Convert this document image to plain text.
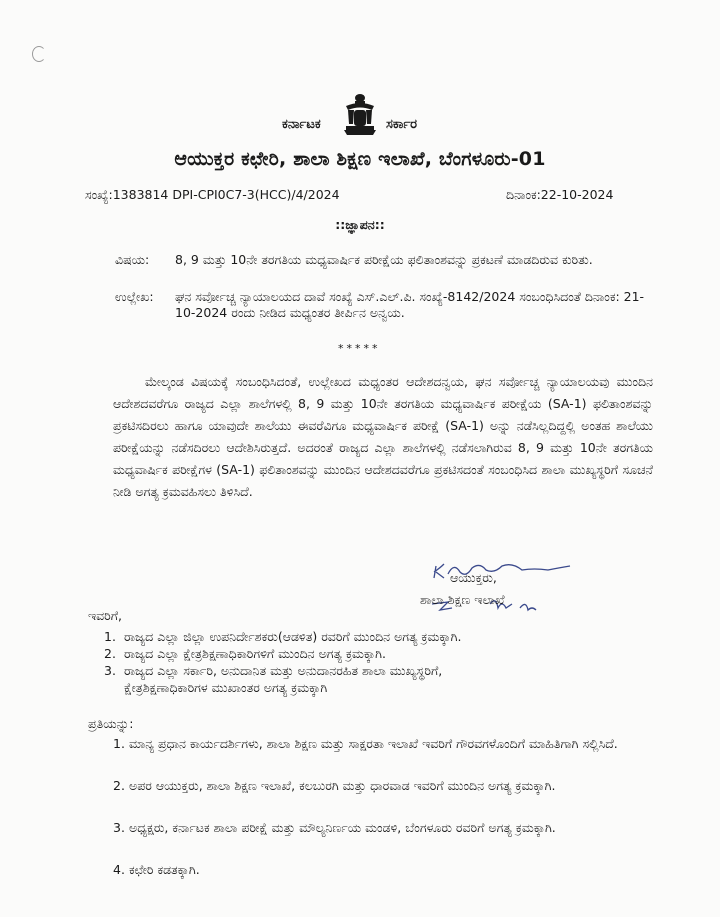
ಕರ್ನಾಟಕ	ಸರ್ಕಾರ
ಆಯುಕ್ತರ ಕಛೇರಿ, ಶಾಲಾ ಶಿಕ್ಷಣ ಇಲಾಖೆ, ಬೆಂಗಳೂರು-01
ಸಂಖ್ಯೆ:1383814 DPI-CPI0C7-3(HCC)/4/2024	ದಿನಾಂಕ:22-10-2024
::ಜ್ಞಾಪನ::
ವಿಷಯ: 8, 9 ಮತ್ತು 10ನೇ ತರಗತಿಯ ಮಧ್ಯವಾರ್ಷಿಕ ಪರೀಕ್ಷೆಯ ಫಲಿತಾಂಶವನ್ನು ಪ್ರಕಟಣೆ ಮಾಡದಿರುವ ಕುರಿತು.
ಉಲ್ಲೇಖ: ಘನ ಸರ್ವೋಚ್ಚ ನ್ಯಾಯಾಲಯದ ದಾವೆ ಸಂಖ್ಯೆ ಎಸ್.ಎಲ್.ಪಿ. ಸಂಖ್ಯೆ-8142/2024 ಸಂಬಂಧಿಸಿದಂತೆ ದಿನಾಂಕ: 21-10-2024 ರಂದು ನೀಡಿದ ಮಧ್ಯಂತರ ತೀರ್ಪಿನ ಅನ್ವಯ.
*****
ಮೇಲ್ಕಂಡ ವಿಷಯಕ್ಕೆ ಸಂಬಂಧಿಸಿದಂತೆ, ಉಲ್ಲೇಖದ ಮಧ್ಯಂತರ ಆದೇಶದನ್ವಯ, ಘನ ಸರ್ವೋಚ್ಚ ನ್ಯಾಯಾಲಯವು ಮುಂದಿನ ಆದೇಶದವರೆಗೂ ರಾಜ್ಯದ ಎಲ್ಲಾ ಶಾಲೆಗಳಲ್ಲಿ 8, 9 ಮತ್ತು 10ನೇ ತರಗತಿಯ ಮಧ್ಯವಾರ್ಷಿಕ ಪರೀಕ್ಷೆಯ (SA-1) ಫಲಿತಾಂಶವನ್ನು ಪ್ರಕಟಿಸದಿರಲು ಹಾಗೂ ಯಾವುದೇ ಶಾಲೆಯು ಈವರೆವಿಗೂ ಮಧ್ಯವಾರ್ಷಿಕ ಪರೀಕ್ಷೆ (SA-1) ಅನ್ನು ನಡೆಸಿಲ್ಲದಿದ್ದಲ್ಲಿ ಅಂತಹ ಶಾಲೆಯು ಪರೀಕ್ಷೆಯನ್ನು ನಡೆಸದಿರಲು ಆದೇಶಿಸಿರುತ್ತದೆ. ಅದರಂತೆ ರಾಜ್ಯದ ಎಲ್ಲಾ ಶಾಲೆಗಳಲ್ಲಿ ನಡೆಸಲಾಗಿರುವ 8, 9 ಮತ್ತು 10ನೇ ತರಗತಿಯ ಮಧ್ಯವಾರ್ಷಿಕ ಪರೀಕ್ಷೆಗಳ (SA-1) ಫಲಿತಾಂಶವನ್ನು ಮುಂದಿನ ಆದೇಶದವರೆಗೂ ಪ್ರಕಟಿಸದಂತೆ ಸಂಬಂಧಿಸಿದ ಶಾಲಾ ಮುಖ್ಯಸ್ಥರಿಗೆ ಸೂಚನೆ ನೀಡಿ ಅಗತ್ಯ ಕ್ರಮವಹಿಸಲು ತಿಳಿಸಿದೆ.
ಆಯುಕ್ತರು,
ಶಾಲಾ ಶಿಕ್ಷಣ ಇಲಾಖೆ
ಇವರಿಗೆ,
1. ರಾಜ್ಯದ ಎಲ್ಲಾ ಜಿಲ್ಲಾ ಉಪನಿರ್ದೇಶಕರು(ಆಡಳಿತ) ರವರಿಗೆ ಮುಂದಿನ ಅಗತ್ಯ ಕ್ರಮಕ್ಕಾಗಿ.
2. ರಾಜ್ಯದ ಎಲ್ಲಾ ಕ್ಷೇತ್ರಶಿಕ್ಷಣಾಧಿಕಾರಿಗಳಿಗೆ ಮುಂದಿನ ಅಗತ್ಯ ಕ್ರಮಕ್ಕಾಗಿ.
3. ರಾಜ್ಯದ ಎಲ್ಲಾ ಸರ್ಕಾರಿ, ಅನುದಾನಿತ ಮತ್ತು ಅನುದಾನರಹಿತ ಶಾಲಾ ಮುಖ್ಯಸ್ಥರಿಗೆ,
ಕ್ಷೇತ್ರಶಿಕ್ಷಣಾಧಿಕಾರಿಗಳ ಮುಖಾಂತರ ಅಗತ್ಯ ಕ್ರಮಕ್ಕಾಗಿ
ಪ್ರತಿಯನ್ನು:
1. ಮಾನ್ಯ ಪ್ರಧಾನ ಕಾರ್ಯದರ್ಶಿಗಳು, ಶಾಲಾ ಶಿಕ್ಷಣ ಮತ್ತು ಸಾಕ್ಷರತಾ ಇಲಾಖೆ ಇವರಿಗೆ ಗೌರವಗಳೊಂದಿಗೆ ಮಾಹಿತಿಗಾಗಿ ಸಲ್ಲಿಸಿದೆ.
2. ಅಪರ ಆಯುಕ್ತರು, ಶಾಲಾ ಶಿಕ್ಷಣ ಇಲಾಖೆ, ಕಲಬುರಗಿ ಮತ್ತು ಧಾರವಾಡ ಇವರಿಗೆ ಮುಂದಿನ ಅಗತ್ಯ ಕ್ರಮಕ್ಕಾಗಿ.
3. ಅಧ್ಯಕ್ಷರು, ಕರ್ನಾಟಕ ಶಾಲಾ ಪರೀಕ್ಷೆ ಮತ್ತು ಮೌಲ್ಯನಿರ್ಣಯ ಮಂಡಳಿ, ಬೆಂಗಳೂರು ರವರಿಗೆ ಅಗತ್ಯ ಕ್ರಮಕ್ಕಾಗಿ.
4. ಕಛೇರಿ ಕಡತಕ್ಕಾಗಿ.
